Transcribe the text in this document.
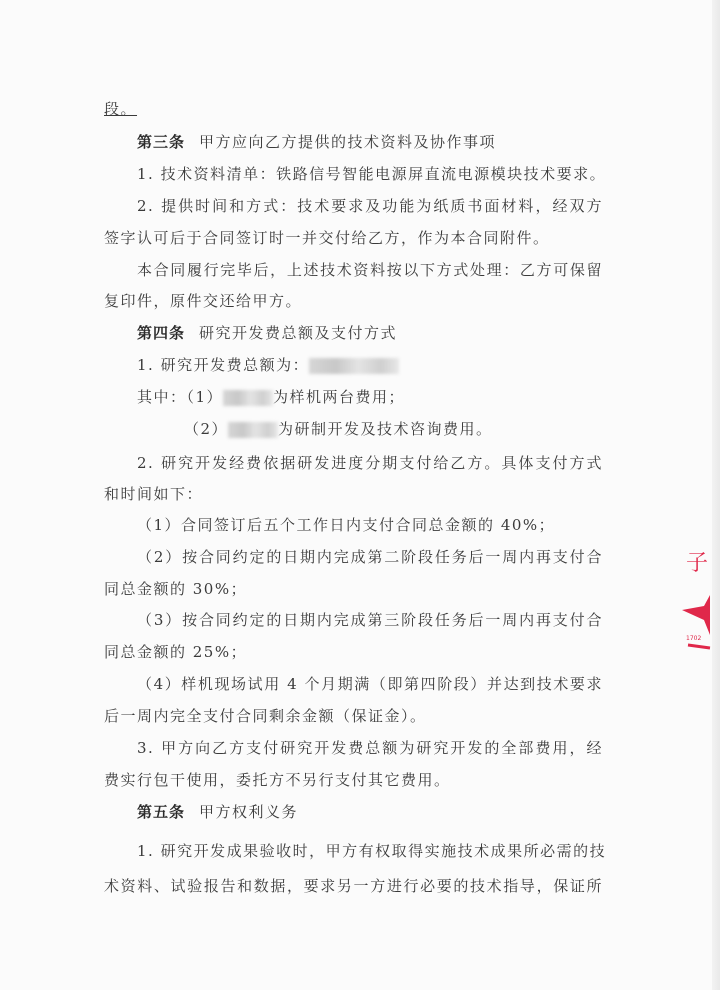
段。
第三条 甲方应向乙方提供的技术资料及协作事项
1. 技术资料清单：铁路信号智能电源屏直流电源模块技术要求。
2. 提供时间和方式：技术要求及功能为纸质书面材料，经双方
签字认可后于合同签订时一并交付给乙方，作为本合同附件。
本合同履行完毕后，上述技术资料按以下方式处理：乙方可保留
复印件，原件交还给甲方。
第四条 研究开发费总额及支付方式
1. 研究开发费总额为：
其中：（1）	为样机两台费用；
（2）	为研制开发及技术咨询费用。
2. 研究开发经费依据研发进度分期支付给乙方。具体支付方式
和时间如下：
（1）合同签订后五个工作日内支付合同总金额的 40%；
（2）按合同约定的日期内完成第二阶段任务后一周内再支付合
同总金额的 30%；
（3）按合同约定的日期内完成第三阶段任务后一周内再支付合
同总金额的 25%；
（4）样机现场试用 4 个月期满（即第四阶段）并达到技术要求
后一周内完全支付合同剩余金额（保证金）。
3. 甲方向乙方支付研究开发费总额为研究开发的全部费用，经
费实行包干使用，委托方不另行支付其它费用。
第五条 甲方权利义务
1. 研究开发成果验收时，甲方有权取得实施技术成果所必需的技
术资料、试验报告和数据，要求另一方进行必要的技术指导，保证所
子
1702
